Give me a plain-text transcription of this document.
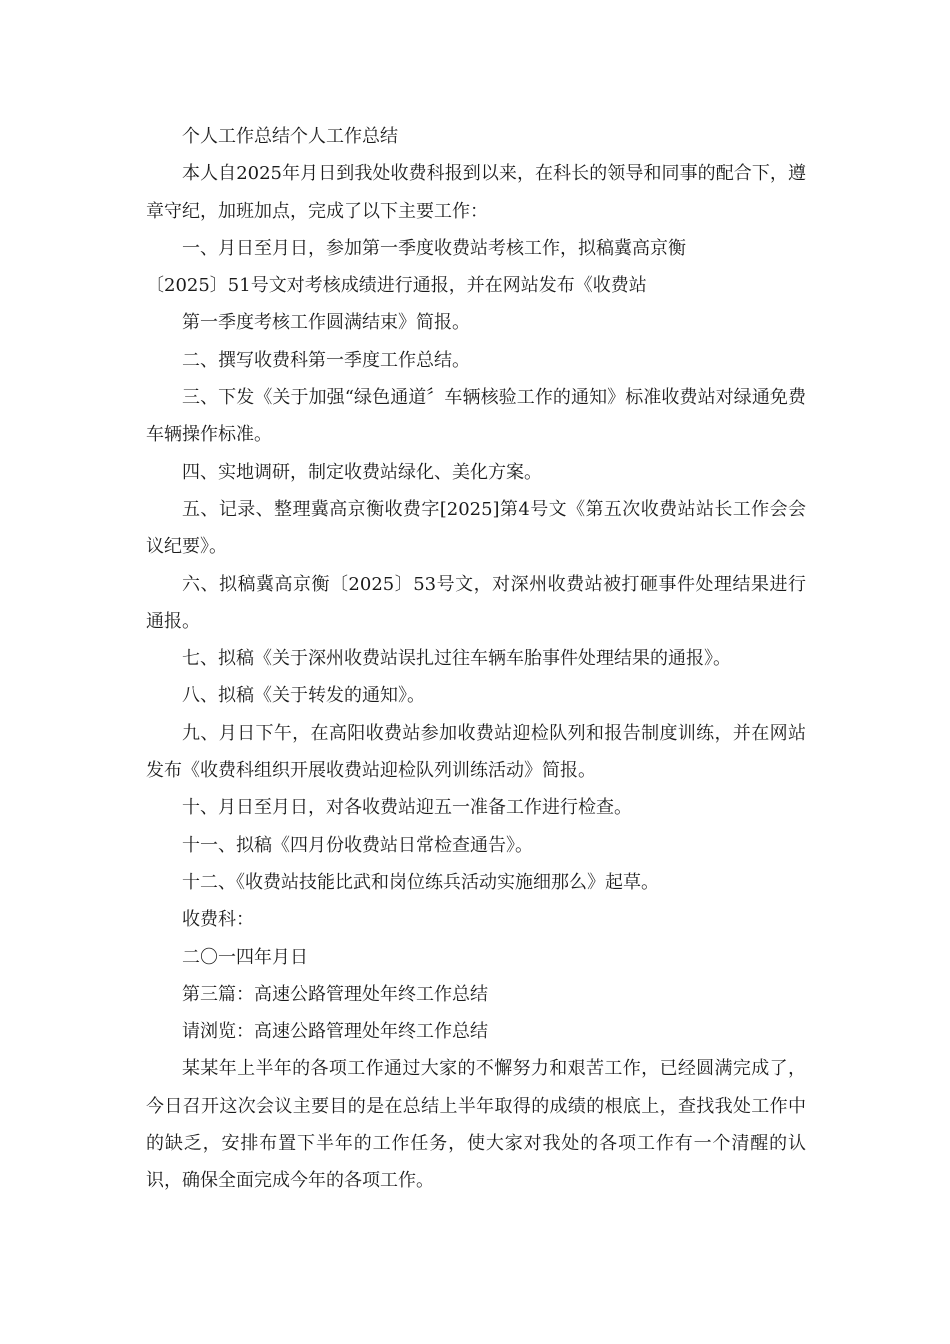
个人工作总结个人工作总结

本人自2025年月日到我处收费科报到以来，在科长的领导和同事的配合下，遵章守纪，加班加点，完成了以下主要工作：

一、月日至月日，参加第一季度收费站考核工作，拟稿冀高京衡

〔2025〕51号文对考核成绩进行通报，并在网站发布《收费站

第一季度考核工作圆满结束》简报。

二、撰写收费科第一季度工作总结。

三、下发《关于加强“绿色通道〞车辆核验工作的通知》标准收费站对绿通免费车辆操作标准。

四、实地调研，制定收费站绿化、美化方案。

五、记录、整理冀高京衡收费字[2025]第4号文《第五次收费站站长工作会会议纪要》。

六、拟稿冀高京衡〔2025〕53号文，对深州收费站被打砸事件处理结果进行通报。

七、拟稿《关于深州收费站误扎过往车辆车胎事件处理结果的通报》。

八、拟稿《关于转发的通知》。

九、月日下午，在高阳收费站参加收费站迎检队列和报告制度训练，并在网站发布《收费科组织开展收费站迎检队列训练活动》简报。

十、月日至月日，对各收费站迎五一准备工作进行检查。

十一、拟稿《四月份收费站日常检查通告》。

十二、《收费站技能比武和岗位练兵活动实施细那么》起草。

收费科：

二〇一四年月日

第三篇：高速公路管理处年终工作总结

请浏览：高速公路管理处年终工作总结

某某年上半年的各项工作通过大家的不懈努力和艰苦工作，已经圆满完成了，今日召开这次会议主要目的是在总结上半年取得的成绩的根底上，查找我处工作中的缺乏，安排布置下半年的工作任务，使大家对我处的各项工作有一个清醒的认识，确保全面完成今年的各项工作。
